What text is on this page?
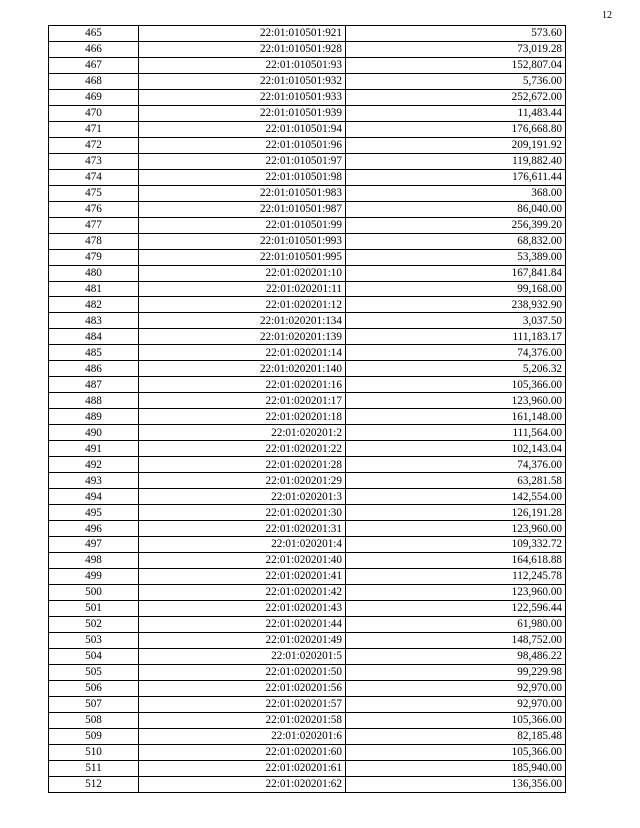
12
465	22:01:010501:921	573.60
466	22:01:010501:928	73,019.28
467	22:01:010501:93	152,807.04
468	22:01:010501:932	5,736.00
469	22:01:010501:933	252,672.00
470	22:01:010501:939	11,483.44
471	22:01:010501:94	176,668.80
472	22:01:010501:96	209,191.92
473	22:01:010501:97	119,882.40
474	22:01:010501:98	176,611.44
475	22:01:010501:983	368.00
476	22:01:010501:987	86,040.00
477	22:01:010501:99	256,399.20
478	22:01:010501:993	68,832.00
479	22:01:010501:995	53,389.00
480	22:01:020201:10	167,841.84
481	22:01:020201:11	99,168.00
482	22:01:020201:12	238,932.90
483	22:01:020201:134	3,037.50
484	22:01:020201:139	111,183.17
485	22:01:020201:14	74,376.00
486	22:01:020201:140	5,206.32
487	22:01:020201:16	105,366.00
488	22:01:020201:17	123,960.00
489	22:01:020201:18	161,148.00
490	22:01:020201:2	111,564.00
491	22:01:020201:22	102,143.04
492	22:01:020201:28	74,376.00
493	22:01:020201:29	63,281.58
494	22:01:020201:3	142,554.00
495	22:01:020201:30	126,191.28
496	22:01:020201:31	123,960.00
497	22:01:020201:4	109,332.72
498	22:01:020201:40	164,618.88
499	22:01:020201:41	112,245.78
500	22:01:020201:42	123,960.00
501	22:01:020201:43	122,596.44
502	22:01:020201:44	61,980.00
503	22:01:020201:49	148,752.00
504	22:01:020201:5	98,486.22
505	22:01:020201:50	99,229.98
506	22:01:020201:56	92,970.00
507	22:01:020201:57	92,970.00
508	22:01:020201:58	105,366.00
509	22:01:020201:6	82,185.48
510	22:01:020201:60	105,366.00
511	22:01:020201:61	185,940.00
512	22:01:020201:62	136,356.00
